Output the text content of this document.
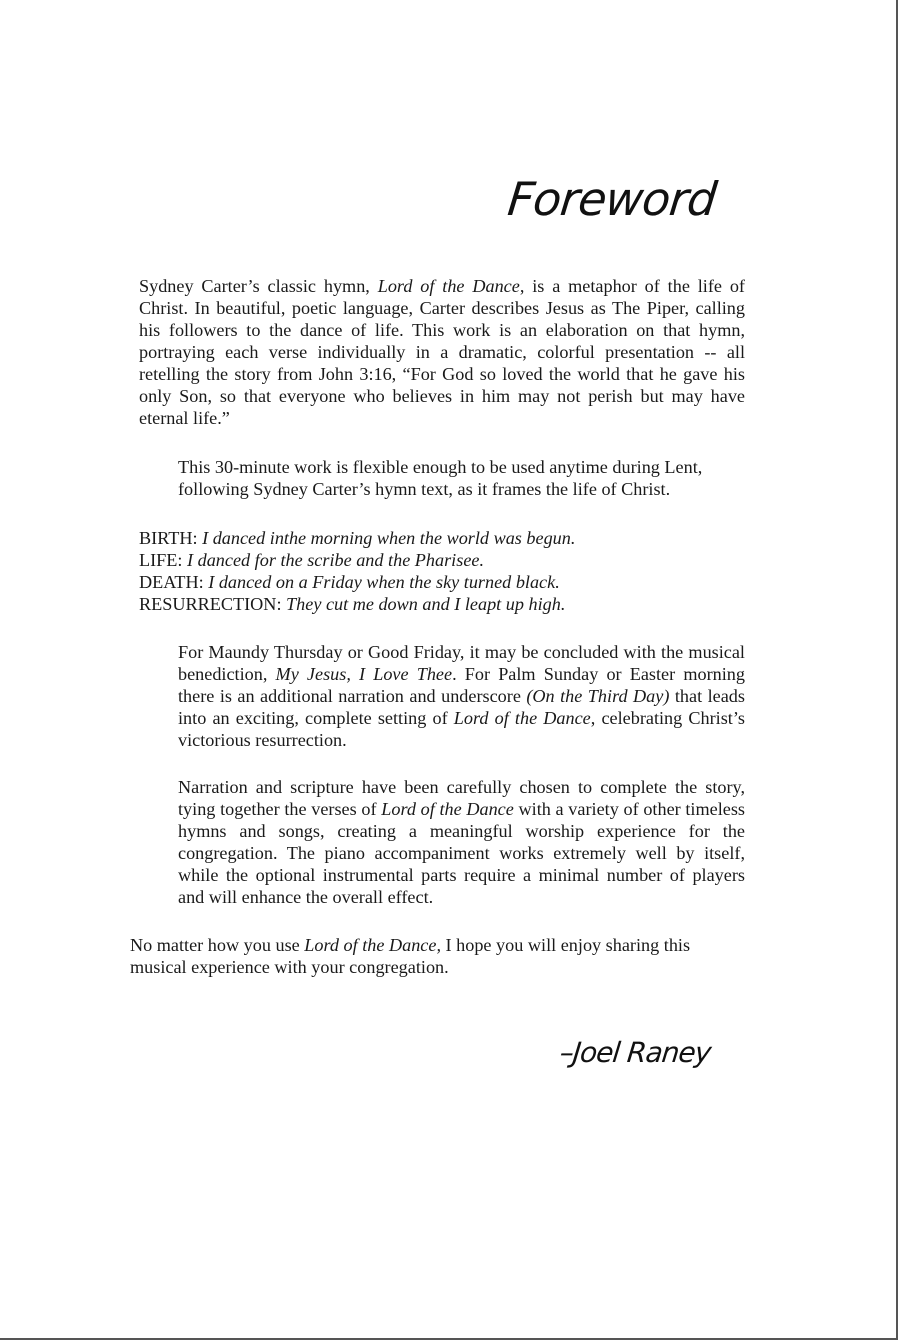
Foreword

Sydney Carter’s classic hymn, Lord of the Dance, is a metaphor of the life of Christ. In beautiful, poetic language, Carter describes Jesus as The Piper, calling his followers to the dance of life. This work is an elaboration on that hymn, portraying each verse individually in a dramatic, colorful presentation -- all retelling the story from John 3:16, “For God so loved the world that he gave his only Son, so that everyone who believes in him may not perish but may have eternal life.”

This 30-minute work is flexible enough to be used anytime during Lent, following Sydney Carter’s hymn text, as it frames the life of Christ.

BIRTH: I danced inthe morning when the world was begun.
LIFE: I danced for the scribe and the Pharisee.
DEATH: I danced on a Friday when the sky turned black.
RESURRECTION: They cut me down and I leapt up high.

For Maundy Thursday or Good Friday, it may be concluded with the musical benediction, My Jesus, I Love Thee. For Palm Sunday or Easter morning there is an additional narration and underscore (On the Third Day) that leads into an exciting, complete setting of Lord of the Dance, celebrating Christ’s victorious resurrection.

Narration and scripture have been carefully chosen to complete the story, tying together the verses of Lord of the Dance with a variety of other timeless hymns and songs, creating a meaningful worship experience for the congregation. The piano accompaniment works extremely well by itself, while the optional instrumental parts require a minimal number of players and will enhance the overall effect.

No matter how you use Lord of the Dance, I hope you will enjoy sharing this musical experience with your congregation.

–Joel Raney
